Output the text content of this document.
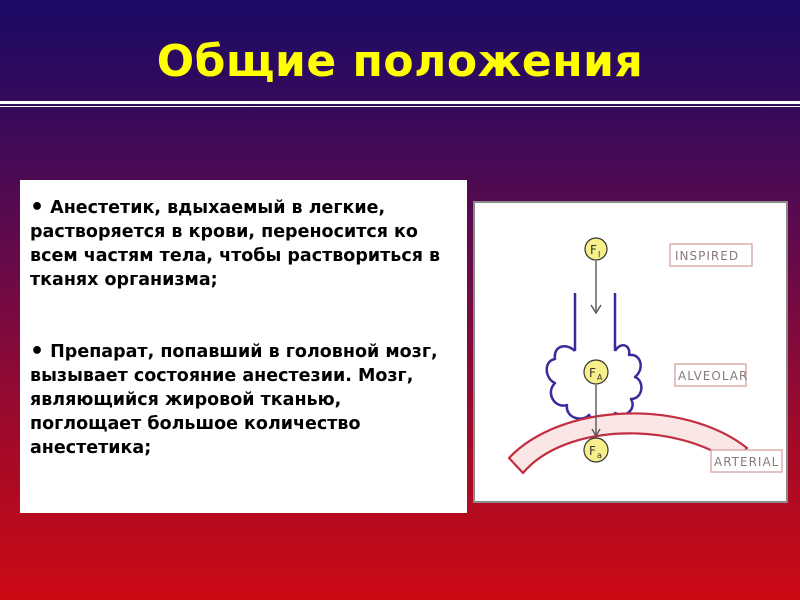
Общие положения

• Анестетик, вдыхаемый в легкие, растворяется в крови, переносится ко всем частям тела, чтобы раствориться в тканях организма;

• Препарат, попавший в головной мозг, вызывает состояние анестезии. Мозг, являющийся жировой тканью, поглощает большое количество анестетика;

F I
F A
F a
INSPIRED
ALVEOLAR
ARTERIAL
